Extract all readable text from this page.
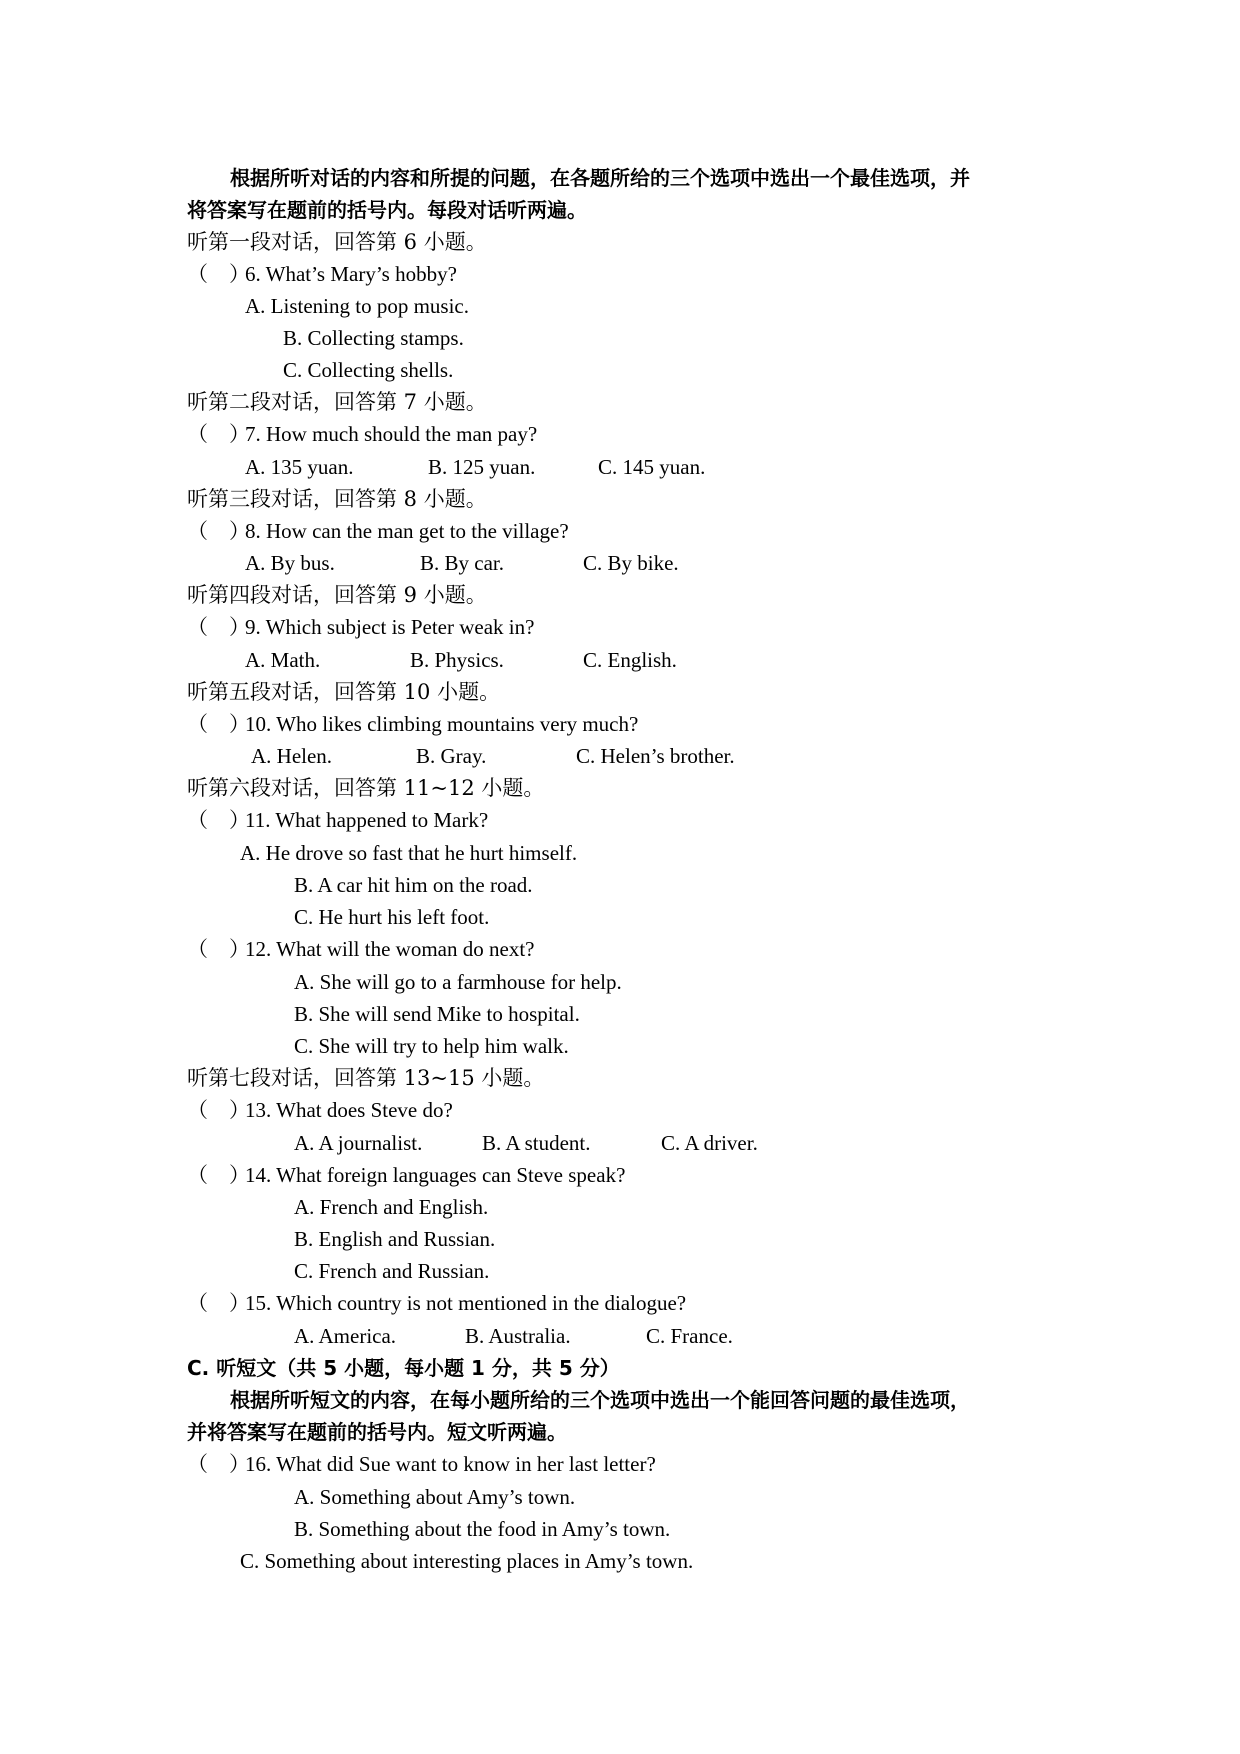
根据所听对话的内容和所提的问题，在各题所给的三个选项中选出一个最佳选项，并
将答案写在题前的括号内。每段对话听两遍。
听第一段对话，回答第 6 小题。
（　）6. What’s Mary’s hobby?
A. Listening to pop music.
B. Collecting stamps.
C. Collecting shells.
听第二段对话，回答第 7 小题。
（　）7. How much should the man pay?
A. 135 yuan.	B. 125 yuan.	C. 145 yuan.
听第三段对话，回答第 8 小题。
（　）8. How can the man get to the village?
A. By bus.	B. By car.	C. By bike.
听第四段对话，回答第 9 小题。
（　）9. Which subject is Peter weak in?
A. Math.	B. Physics.	C. English.
听第五段对话，回答第 10 小题。
（　）10. Who likes climbing mountains very much?
A. Helen.	B. Gray.	C. Helen’s brother.
听第六段对话，回答第 11~12 小题。
（　）11. What happened to Mark?
A. He drove so fast that he hurt himself.
B. A car hit him on the road.
C. He hurt his left foot.
（　）12. What will the woman do next?
A. She will go to a farmhouse for help.
B. She will send Mike to hospital.
C. She will try to help him walk.
听第七段对话，回答第 13~15 小题。
（　）13. What does Steve do?
A. A journalist.	B. A student.	C. A driver.
（　）14. What foreign languages can Steve speak?
A. French and English.
B. English and Russian.
C. French and Russian.
（　）15. Which country is not mentioned in the dialogue?
A. America.	B. Australia.	C. France.
C. 听短文（共 5 小题，每小题 1 分，共 5 分）
根据所听短文的内容，在每小题所给的三个选项中选出一个能回答问题的最佳选项，
并将答案写在题前的括号内。短文听两遍。
（　）16. What did Sue want to know in her last letter?
A. Something about Amy’s town.
B. Something about the food in Amy’s town.
C. Something about interesting places in Amy’s town.
